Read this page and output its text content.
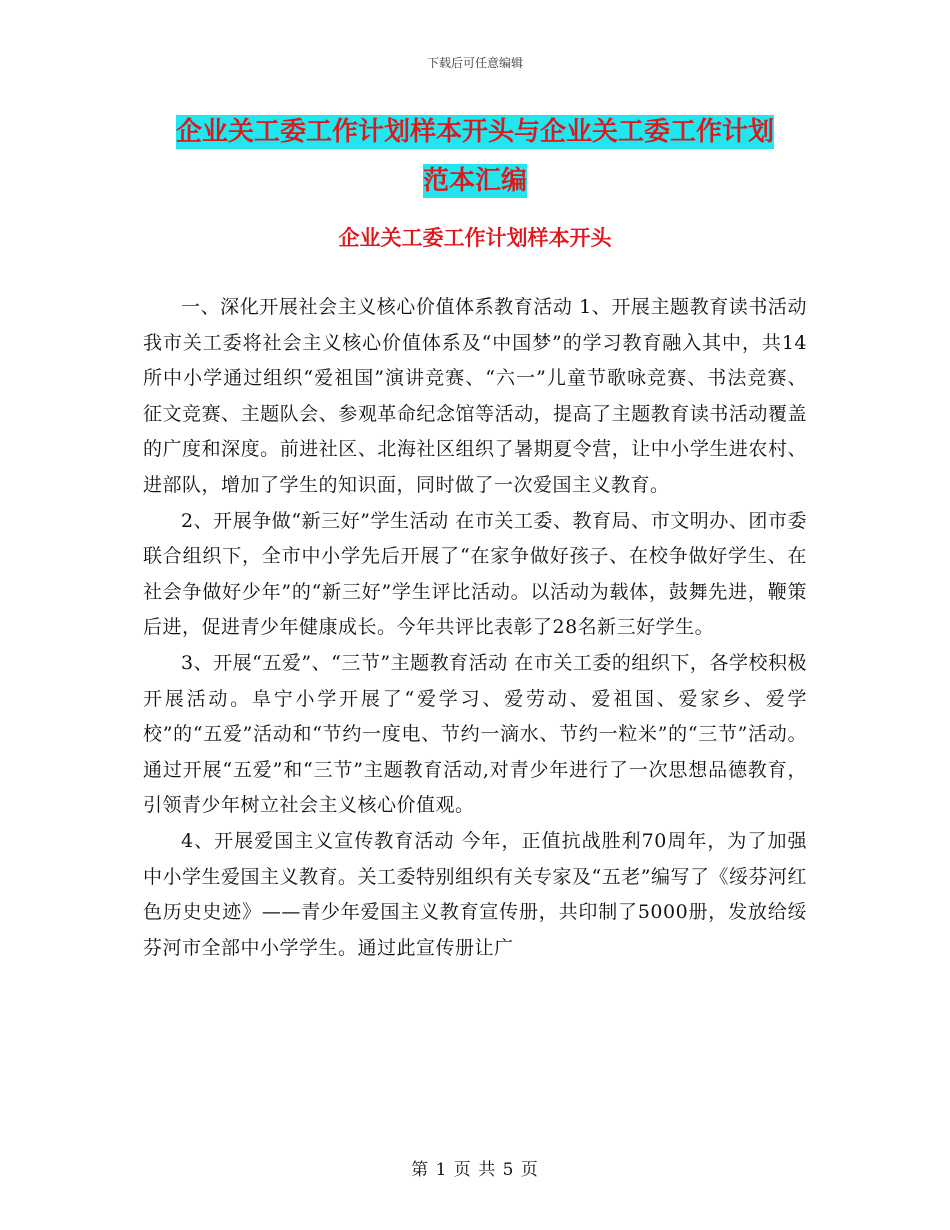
下载后可任意编辑
企业关工委工作计划样本开头与企业关工委工作计划
范本汇编
企业关工委工作计划样本开头

一、深化开展社会主义核心价值体系教育活动 1、开展主题教育读书活动 我市关工委将社会主义核心价值体系及“中国梦”的学习教育融入其中，共14所中小学通过组织“爱祖国”演讲竞赛、“六一”儿童节歌咏竞赛、书法竞赛、征文竞赛、主题队会、参观革命纪念馆等活动，提高了主题教育读书活动覆盖的广度和深度。前进社区、北海社区组织了暑期夏令营，让中小学生进农村、进部队，增加了学生的知识面，同时做了一次爱国主义教育。

2、开展争做“新三好”学生活动 在市关工委、教育局、市文明办、团市委联合组织下，全市中小学先后开展了“在家争做好孩子、在校争做好学生、在社会争做好少年”的“新三好”学生评比活动。以活动为载体，鼓舞先进，鞭策后进，促进青少年健康成长。今年共评比表彰了28名新三好学生。

3、开展“五爱”、“三节”主题教育活动 在市关工委的组织下，各学校积极开展活动。阜宁小学开展了“爱学习、爱劳动、爱祖国、爱家乡、爱学校”的“五爱”活动和“节约一度电、节约一滴水、节约一粒米”的“三节”活动。通过开展“五爱”和“三节”主题教育活动,对青少年进行了一次思想品德教育，引领青少年树立社会主义核心价值观。

4、开展爱国主义宣传教育活动 今年，正值抗战胜利70周年，为了加强中小学生爱国主义教育。关工委特别组织有关专家及“五老”编写了《绥芬河红色历史史迹》——青少年爱国主义教育宣传册，共印制了5000册，发放给绥芬河市全部中小学学生。通过此宣传册让广

第 1 页 共 5 页
